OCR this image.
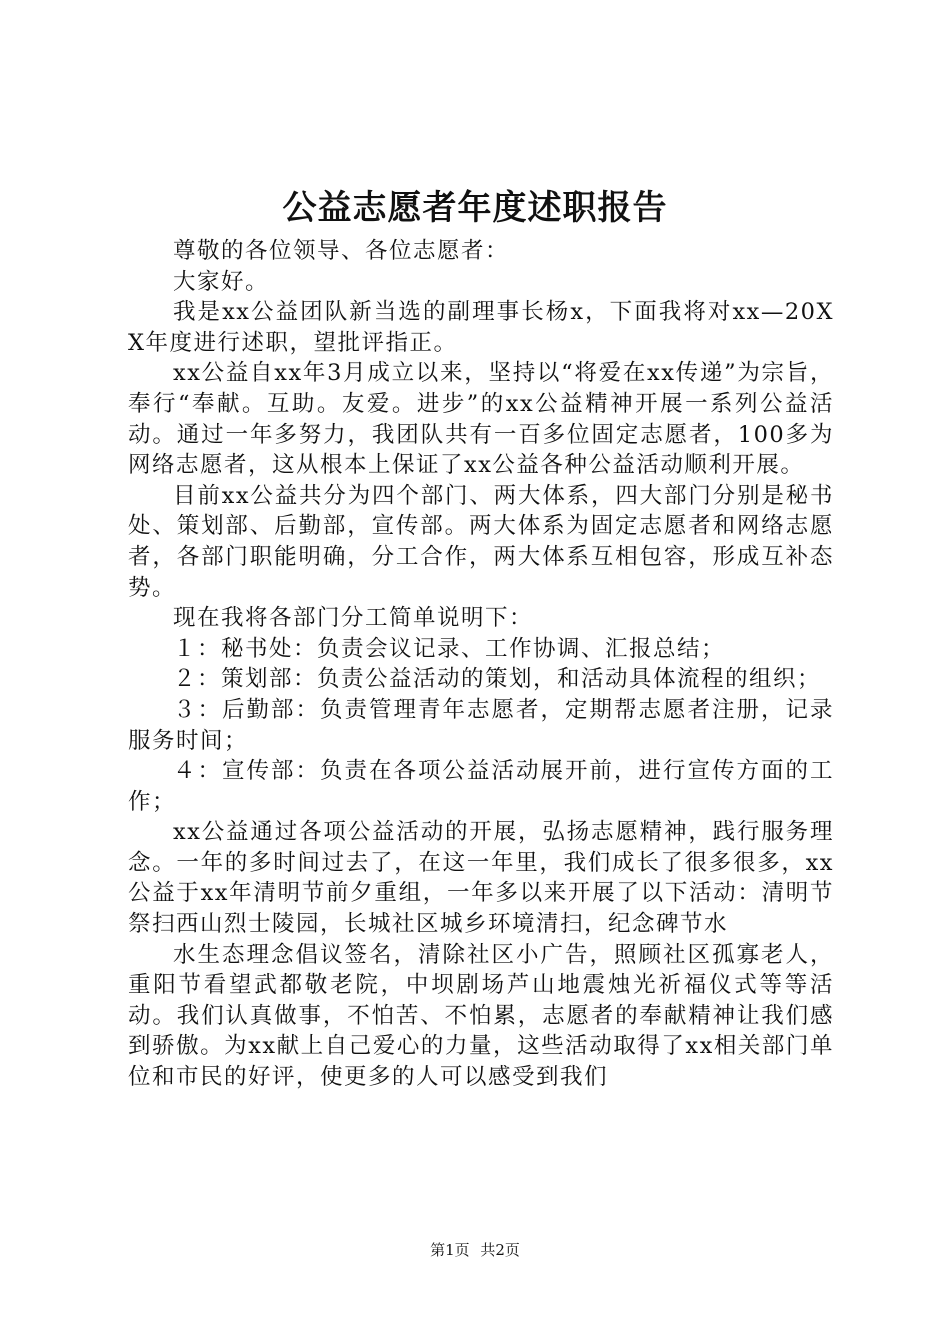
公益志愿者年度述职报告

尊敬的各位领导、各位志愿者：

大家好。

我是xx公益团队新当选的副理事长杨x，下面我将对xx—20XX年度进行述职，望批评指正。

xx公益自xx年3月成立以来，坚持以“将爱在xx传递”为宗旨，奉行“奉献。互助。友爱。进步”的xx公益精神开展一系列公益活动。通过一年多努力，我团队共有一百多位固定志愿者，100多为网络志愿者，这从根本上保证了xx公益各种公益活动顺利开展。

目前xx公益共分为四个部门、两大体系，四大部门分别是秘书处、策划部、后勤部，宣传部。两大体系为固定志愿者和网络志愿者，各部门职能明确，分工合作，两大体系互相包容，形成互补态势。

现在我将各部门分工简单说明下：

１：秘书处：负责会议记录、工作协调、汇报总结；

２：策划部：负责公益活动的策划，和活动具体流程的组织；

３：后勤部：负责管理青年志愿者，定期帮志愿者注册，记录服务时间；

４：宣传部：负责在各项公益活动展开前，进行宣传方面的工作；

xx公益通过各项公益活动的开展，弘扬志愿精神，践行服务理念。一年的多时间过去了，在这一年里，我们成长了很多很多，xx公益于xx年清明节前夕重组，一年多以来开展了以下活动：清明节祭扫西山烈士陵园，长城社区城乡环境清扫，纪念碑节水

水生态理念倡议签名，清除社区小广告，照顾社区孤寡老人，重阳节看望武都敬老院，中坝剧场芦山地震烛光祈福仪式等等活动。我们认真做事，不怕苦、不怕累，志愿者的奉献精神让我们感到骄傲。为xx献上自己爱心的力量，这些活动取得了xx相关部门单位和市民的好评，使更多的人可以感受到我们

第1页 共2页
